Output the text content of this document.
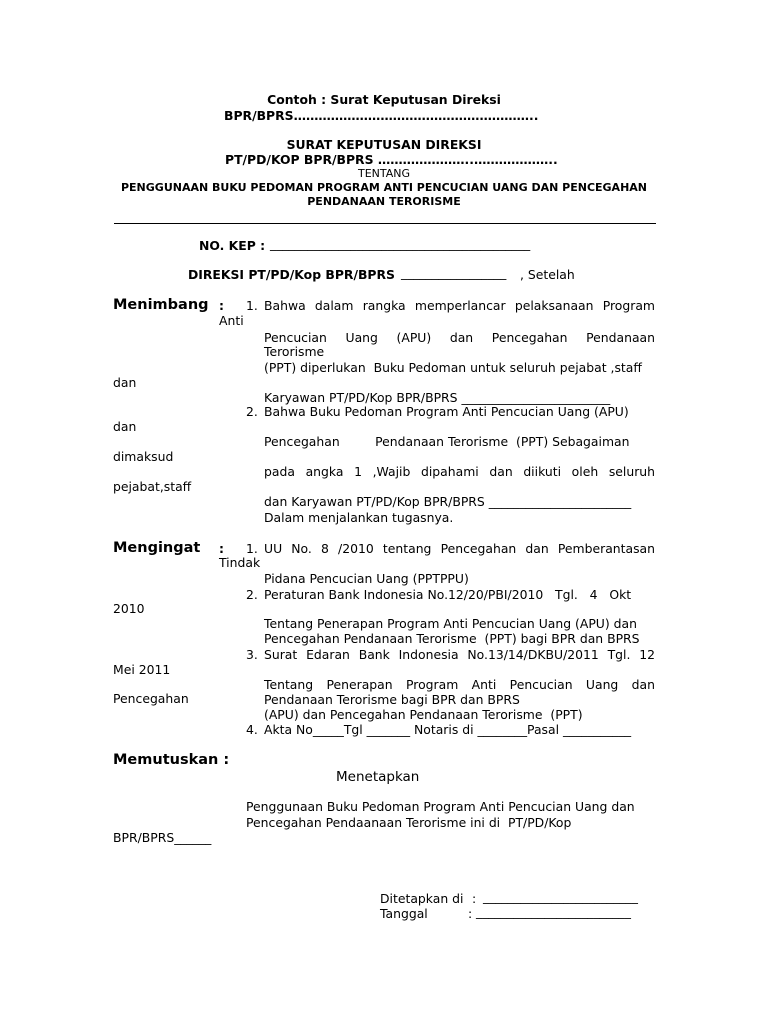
Contoh : Surat Keputusan Direksi
BPR/BPRS…………………………………………………..
SURAT KEPUTUSAN DIREKSI
PT/PD/KOP BPR/BPRS …………………..………………..
TENTANG
PENGGUNAAN BUKU PEDOMAN PROGRAM ANTI PENCUCIAN UANG DAN PENCEGAHAN
PENDANAAN TERORISME
NO. KEP : __________________________________________
DIREKSI PT/PD/Kop BPR/BPRS _________________ , Setelah
Menimbang : 1. Bahwa dalam rangka memperlancar pelaksanaan Program
Anti
Pencucian Uang (APU) dan Pencegahan Pendanaan
Terorisme
(PPT) diperlukan  Buku Pedoman untuk seluruh pejabat ,staff
dan
Karyawan PT/PD/Kop BPR/BPRS ________________________
2. Bahwa Buku Pedoman Program Anti Pencucian Uang (APU)
dan
Pencegahan         Pendanaan Terorisme  (PPT) Sebagaiman
dimaksud
pada angka 1 ,Wajib dipahami dan diikuti oleh seluruh
pejabat,staff
dan Karyawan PT/PD/Kop BPR/BPRS _______________________
Dalam menjalankan tugasnya.
Mengingat : 1. UU No. 8 /2010 tentang Pencegahan dan Pemberantasan
Tindak
Pidana Pencucian Uang (PPTPPU)
2. Peraturan Bank Indonesia No.12/20/PBI/2010   Tgl.   4   Okt
2010
Tentang Penerapan Program Anti Pencucian Uang (APU) dan
Pencegahan Pendanaan Terorisme  (PPT) bagi BPR dan BPRS
3. Surat Edaran Bank Indonesia No.13/14/DKBU/2011 Tgl. 12
Mei 2011
Tentang Penerapan Program Anti Pencucian Uang dan
Pencegahan	Pendanaan Terorisme bagi BPR dan BPRS
(APU) dan Pencegahan Pendanaan Terorisme  (PPT)
4. Akta No_____Tgl _______ Notaris di ________Pasal ___________
Memutuskan :
Menetapkan
Penggunaan Buku Pedoman Program Anti Pencucian Uang dan
Pencegahan Pendaanaan Terorisme ini di  PT/PD/Kop
BPR/BPRS______
Ditetapkan di : _________________________
Tanggal	: _________________________
